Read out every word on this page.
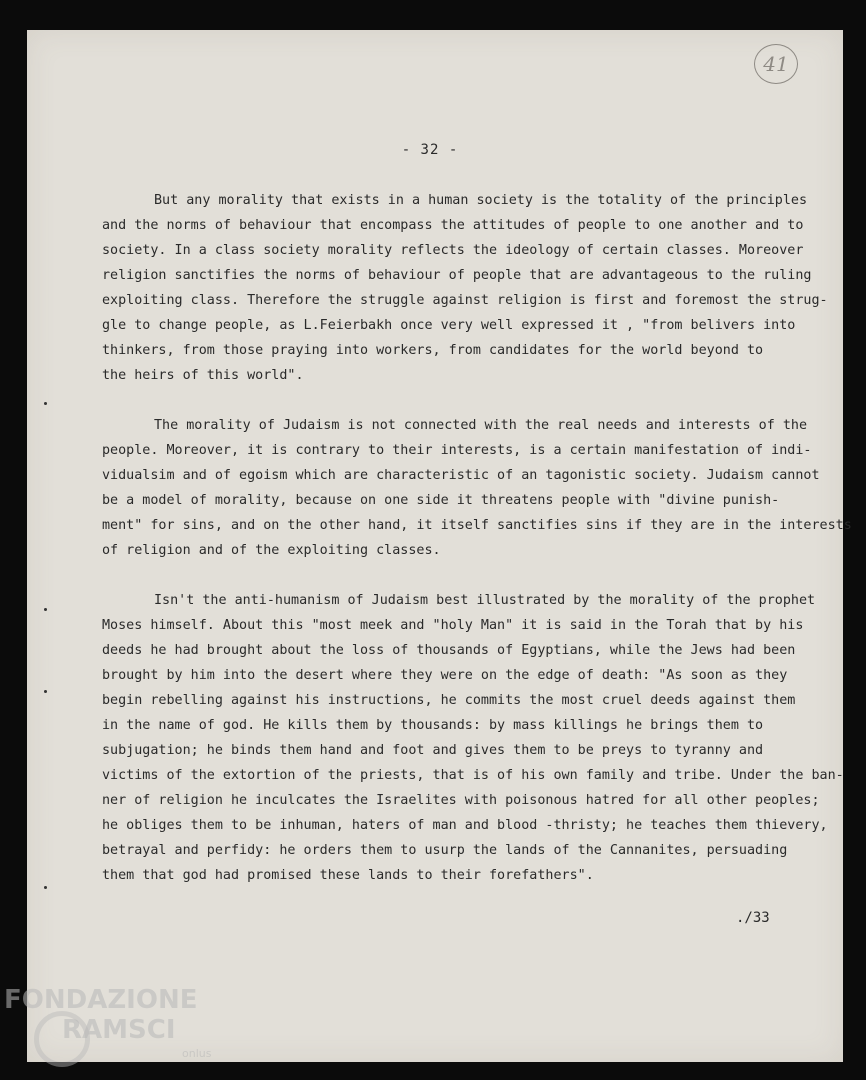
41
- 32 -

But any morality that exists in a human society is the totality of the principles
and the norms of behaviour that encompass the attitudes of people to one another and to
society. In a class society morality reflects the ideology of certain classes. Moreover
religion sanctifies the norms of behaviour of people that are advantageous to the ruling
exploiting class. Therefore the struggle against religion is first and foremost the strug-
gle to change people, as L.Feierbakh once very well expressed it , "from belivers into
thinkers, from those praying into workers, from candidates for the world beyond to
the heirs of this world".

The morality of Judaism is not connected with the real needs and interests of the
people. Moreover, it is contrary to their interests, is a certain manifestation of indi-
vidualsim and of egoism which are characteristic of an tagonistic society. Judaism cannot
be a model of morality, because on one side it threatens people with "divine punish-
ment" for sins, and on the other hand, it itself sanctifies sins if they are in the interests
of religion and of the exploiting classes.

Isn't the anti-humanism of Judaism best illustrated by the morality of the prophet
Moses himself. About this "most meek and "holy Man" it is said in the Torah that by his
deeds he had brought about the loss of thousands of Egyptians, while the Jews had been
brought by him into the desert where they were on the edge of death: "As soon as they
begin rebelling against his instructions, he commits the most cruel deeds against them
in the name of god. He kills them by thousands: by mass killings he brings them to
subjugation; he binds them hand and foot and gives them to be preys to tyranny and
victims of the extortion of the priests, that is of his own family and tribe. Under the ban-
ner of religion he inculcates the Israelites with poisonous hatred for all other peoples;
he obliges them to be inhuman, haters of man and blood -thristy; he teaches them thievery,
betrayal and perfidy: he orders them to usurp the lands of the Cannanites, persuading
them that god had promised these lands to their forefathers".

./33
FONDAZIONE
RAMSCI
onlus
